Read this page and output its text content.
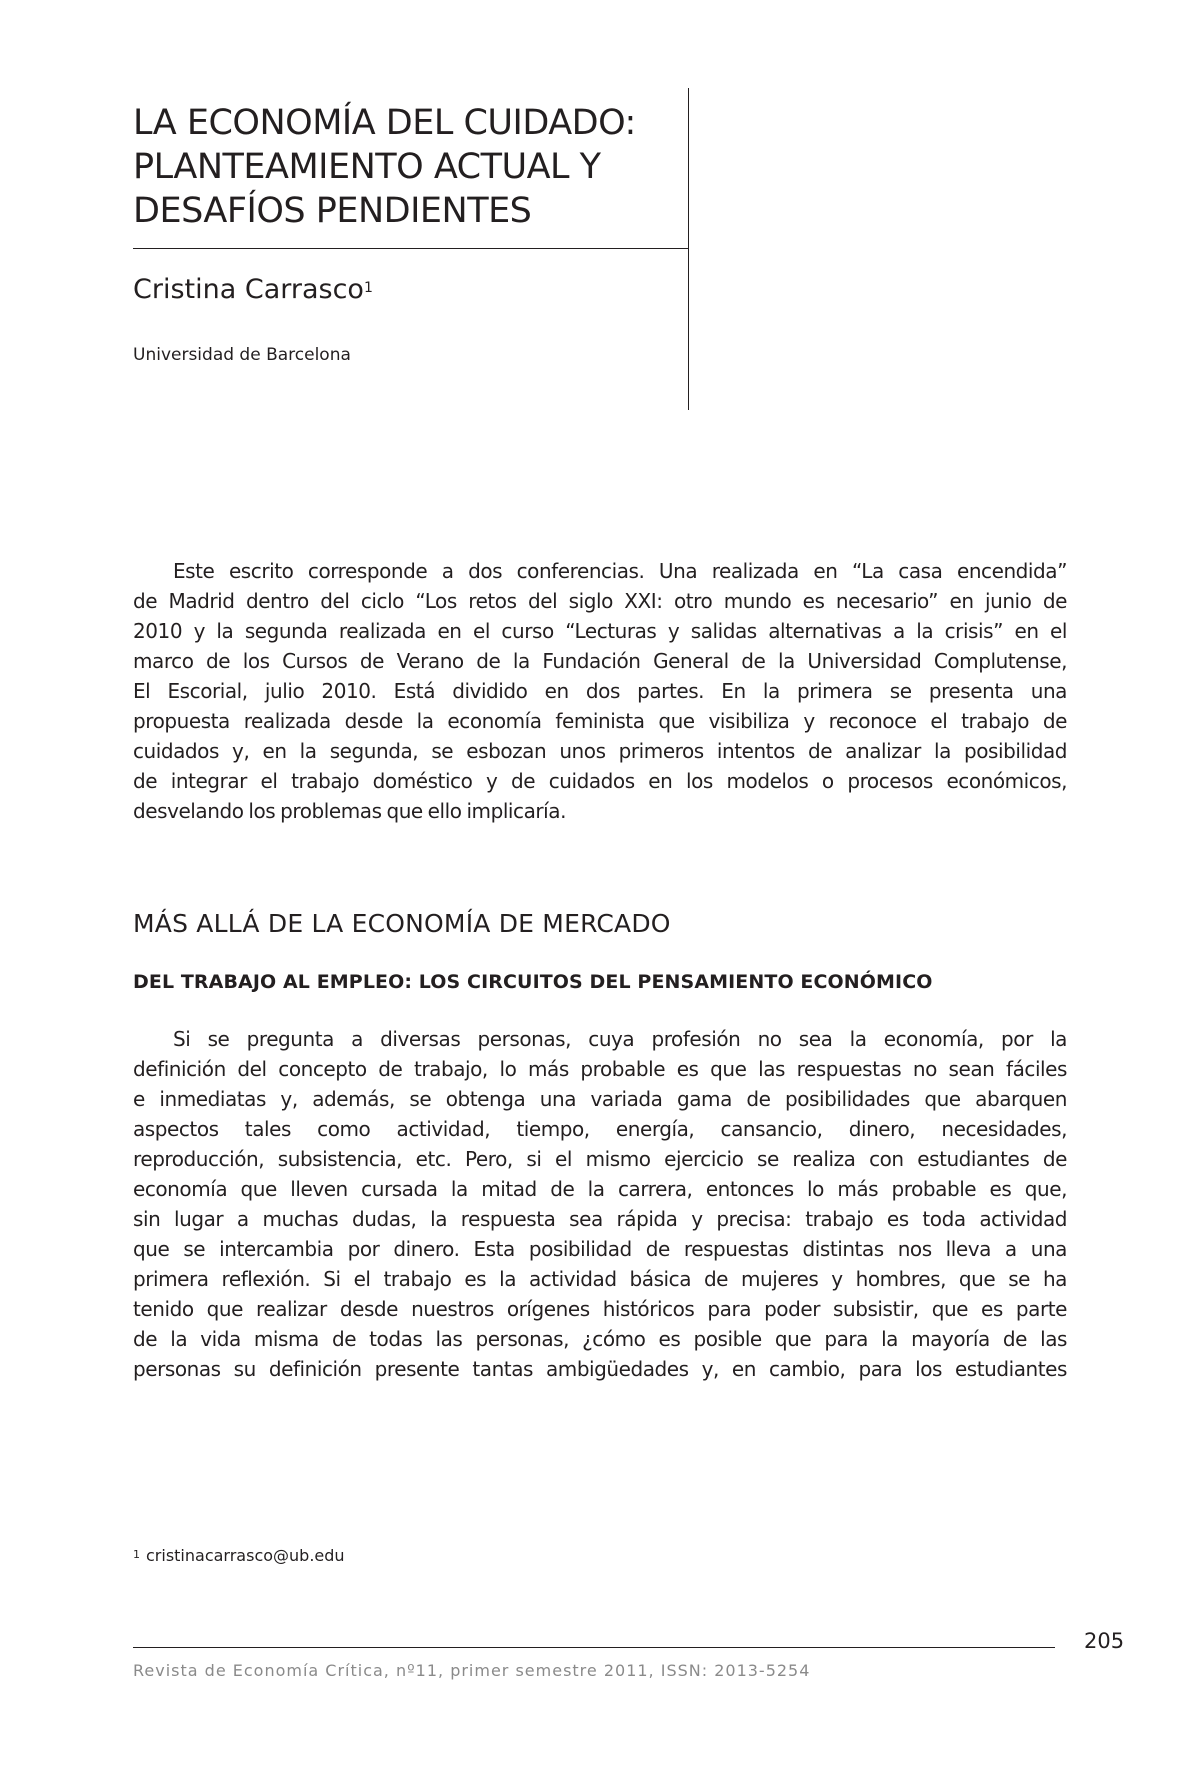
LA ECONOMÍA DEL CUIDADO:
PLANTEAMIENTO ACTUAL Y
DESAFÍOS PENDIENTES
Cristina Carrasco$^1$
Universidad de Barcelona
Este escrito corresponde a dos conferencias. Una realizada en “La casa encendida”
de Madrid dentro del ciclo “Los retos del siglo XXI: otro mundo es necesario” en junio de
2010 y la segunda realizada en el curso “Lecturas y salidas alternativas a la crisis” en el
marco de los Cursos de Verano de la Fundación General de la Universidad Complutense,
El Escorial, julio 2010. Está dividido en dos partes. En la primera se presenta una
propuesta realizada desde la economía feminista que visibiliza y reconoce el trabajo de
cuidados y, en la segunda, se esbozan unos primeros intentos de analizar la posibilidad
de integrar el trabajo doméstico y de cuidados en los modelos o procesos económicos,
desvelando los problemas que ello implicaría.
MÁS ALLÁ DE LA ECONOMÍA DE MERCADO
DEL TRABAJO AL EMPLEO: LOS CIRCUITOS DEL PENSAMIENTO ECONÓMICO
Si se pregunta a diversas personas, cuya profesión no sea la economía, por la
definición del concepto de trabajo, lo más probable es que las respuestas no sean fáciles
e inmediatas y, además, se obtenga una variada gama de posibilidades que abarquen
aspectos tales como actividad, tiempo, energía, cansancio, dinero, necesidades,
reproducción, subsistencia, etc. Pero, si el mismo ejercicio se realiza con estudiantes de
economía que lleven cursada la mitad de la carrera, entonces lo más probable es que,
sin lugar a muchas dudas, la respuesta sea rápida y precisa: trabajo es toda actividad
que se intercambia por dinero. Esta posibilidad de respuestas distintas nos lleva a una
primera reflexión. Si el trabajo es la actividad básica de mujeres y hombres, que se ha
tenido que realizar desde nuestros orígenes históricos para poder subsistir, que es parte
de la vida misma de todas las personas, ¿cómo es posible que para la mayoría de las
personas su definición presente tantas ambigüedades y, en cambio, para los estudiantes
$^1$ cristinacarrasco@ub.edu
205
Revista de Economía Crítica, nº11, primer semestre 2011, ISSN: 2013-5254
